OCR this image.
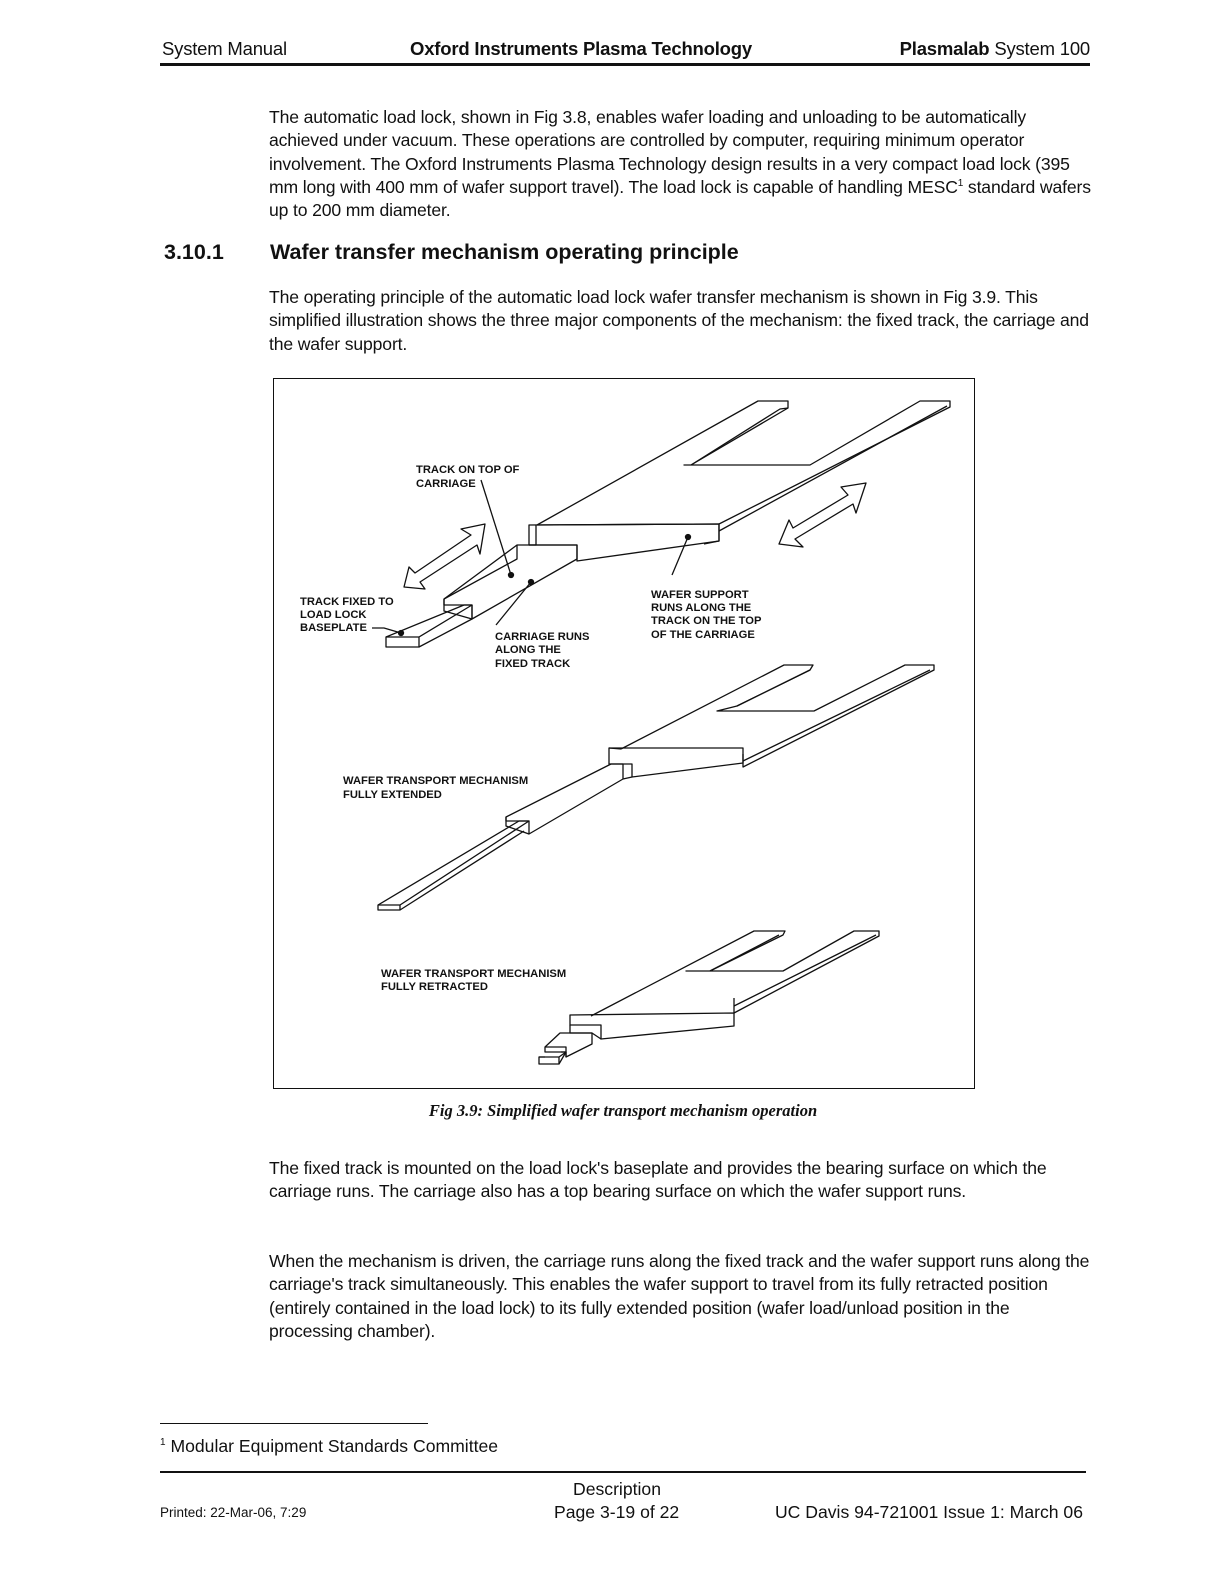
System Manual	Oxford Instruments Plasma Technology	Plasmalab System 100
The automatic load lock, shown in Fig 3.8, enables wafer loading and unloading to be automatically achieved under vacuum. These operations are controlled by computer, requiring minimum operator involvement. The Oxford Instruments Plasma Technology design results in a very compact load lock (395 mm long with 400 mm of wafer support travel). The load lock is capable of handling MESC$^1$ standard wafers up to 200 mm diameter.
3.10.1 Wafer transfer mechanism operating principle
The operating principle of the automatic load lock wafer transfer mechanism is shown in Fig 3.9. This simplified illustration shows the three major components of the mechanism: the fixed track, the carriage and the wafer support.
TRACK ON TOP OF CARRIAGE
TRACK FIXED TO LOAD LOCK BASEPLATE
CARRIAGE RUNS ALONG THE FIXED TRACK
WAFER SUPPORT RUNS ALONG THE TRACK ON THE TOP OF THE CARRIAGE
WAFER TRANSPORT MECHANISM FULLY EXTENDED
WAFER TRANSPORT MECHANISM FULLY RETRACTED
Fig 3.9: Simplified wafer transport mechanism operation
The fixed track is mounted on the load lock's baseplate and provides the bearing surface on which the carriage runs. The carriage also has a top bearing surface on which the wafer support runs.
When the mechanism is driven, the carriage runs along the fixed track and the wafer support runs along the carriage's track simultaneously. This enables the wafer support to travel from its fully retracted position (entirely contained in the load lock) to its fully extended position (wafer load/unload position in the processing chamber).
$^1$ Modular Equipment Standards Committee
Description
Printed: 22-Mar-06, 7:29	Page 3-19 of 22	UC Davis 94-721001 Issue 1: March 06
